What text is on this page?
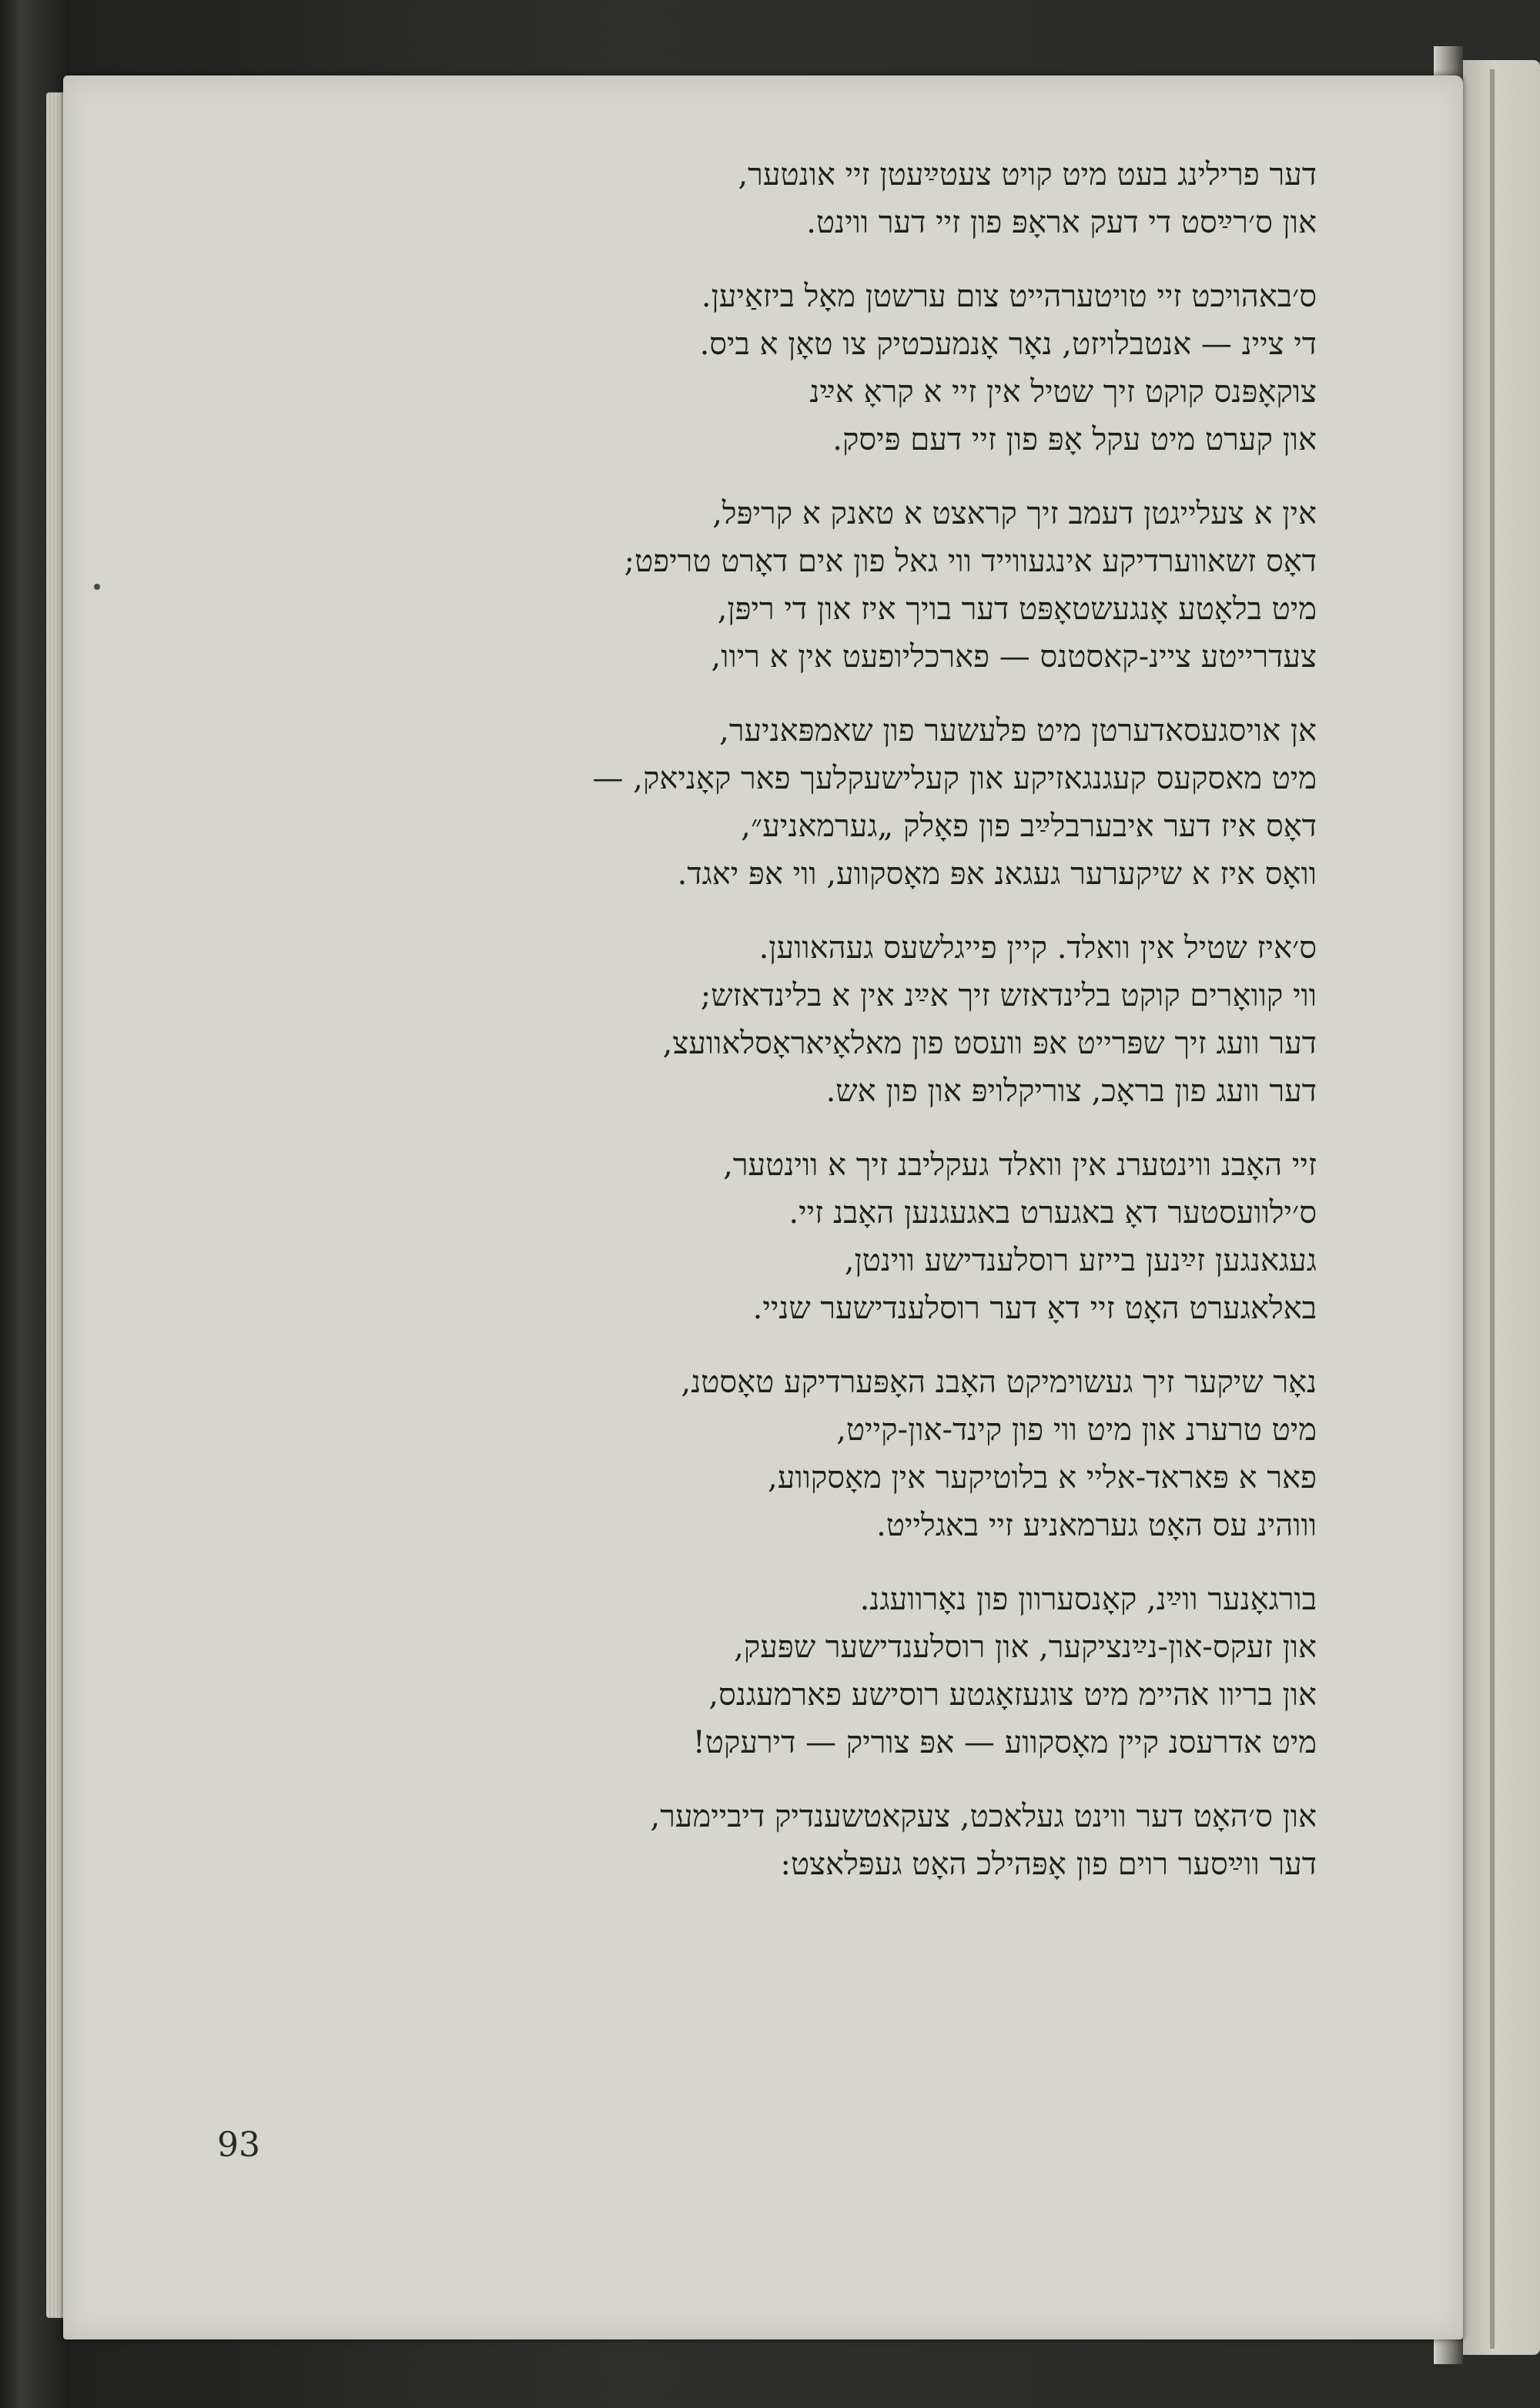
דער פרילינג בעט מיט קויט צעטײַעטן זיי אונטער,
און ס׳רײַסט די דעק אראָפּ פון זיי דער ווינט.
ס׳באהויכט זיי טויטערהייט צום ערשטן מאָל ביזאַיען.
די ציינ — אנטבלויזט, נאָר אָנמעכטיק צו טאָן א ביס.
צוקאָפּנס קוקט זיך שטיל אין זיי א קראָ אײַנ
און קערט מיט עקל אָפּ פון זיי דעם פּיסק.
אין א צעלייגטן דעמב זיך קראצט א טאנק א קריפּל,
דאָס זשאווערדיקע אינגעווייד ווי גאל פון אים דאָרט טריפט;
מיט בלאָטע אָנגעשטאָפּט דער בויך איז און די ריפּן,
צעדרייטע ציינ-קאסטנס — פארכליופעט אין א ריוו,
אן אויסגעסאדערטן מיט פלעשער פון שאמפּאניער,
מיט מאסקעס קעגנגאזיקע און קעלישעקלעך פאר קאָניאק, —
דאָס איז דער איבערבלײַב פון פאָלק „גערמאניע״,
וואָס איז א שיקערער געגאנ אפּ מאָסקווע, ווי אפּ יאגד.
ס׳איז שטיל אין וואלד. קיין פייגלשעס געהאווען.
ווי קוואָרים קוקט בלינדאזש זיך אײַנ אין א בלינדאזש;
דער וועג זיך שפּרייט אפּ וועסט פון מאלאָיאראָסלאוועצ,
דער וועג פון בראָכ, צוריקלויפּ און פון אש.
זיי האָבנ ווינטערנ אין וואלד געקליבנ זיך א ווינטער,
ס׳ילוועסטער דאָ באגערט באגעגנען האָבנ זיי.
געגאנגען זײַנען בייזע רוסלענדישע ווינטן,
באלאגערט האָט זיי דאָ דער רוסלענדישער שניי.
נאָר שיקער זיך געשוימיקט האָבנ האָפּערדיקע טאָסטנ,
מיט טרערנ און מיט ווי פון קינד-און-קייט,
פאר א פּאראד-אליי א בלוטיקער אין מאָסקווע,
וווהינ עס האָט גערמאניע זיי באגלייט.
בורגאָנער ווײַנ, קאָנסערוון פון נאָרוועגנ.
און זעקס-און-נײַנציקער, און רוסלענדישער שפּעק,
און בריוו אהיימ מיט צוגעזאָגטע רוסישע פארמעגנס,
מיט אדרעסנ קיין מאָסקווע — אפּ צוריק — דירעקט!
און ס׳האָט דער ווינט געלאכט, צעקאטשענדיק דיביימער,
דער ווײַסער רוים פון אָפּהילכ האָט געפּלאצט:
93
